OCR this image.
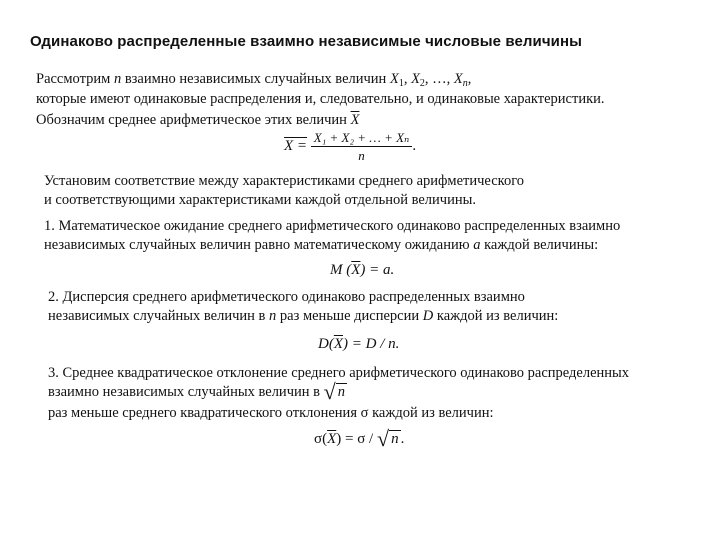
Одинаково распределенные взаимно независимые числовые величины
Рассмотрим n взаимно независимых случайных величин $X_1$, $X_2$, …, $X_n$,
которые имеют одинаковые распределения и, следовательно, и одинаковые характеристики.
Обозначим среднее арифметическое этих величин $\overline{X}$
$X = \frac{\text{X₁ + X₂ + … + Xₙ}}{n}$ .
Установим соответствие между характеристиками среднего арифметического
и соответствующими характеристиками каждой отдельной величины.
1. Математическое ожидание среднего арифметического одинаково распределенных взаимно
независимых случайных величин равно математическому ожиданию a каждой величины:
M $(\overline{X}) = a$.
2. Дисперсия среднего арифметического одинаково распределенных взаимно
независимых случайных величин в n раз меньше дисперсии D каждой из величин:
$D(\overline{X}) = D / n$.
3. Среднее квадратическое отклонение среднего арифметического одинаково распределенных
взаимно независимых случайных величин в √ n
раз меньше среднего квадратического отклонения σ каждой из величин:
$\sigma(\overline{X}) = \sigma$ / √ n .
